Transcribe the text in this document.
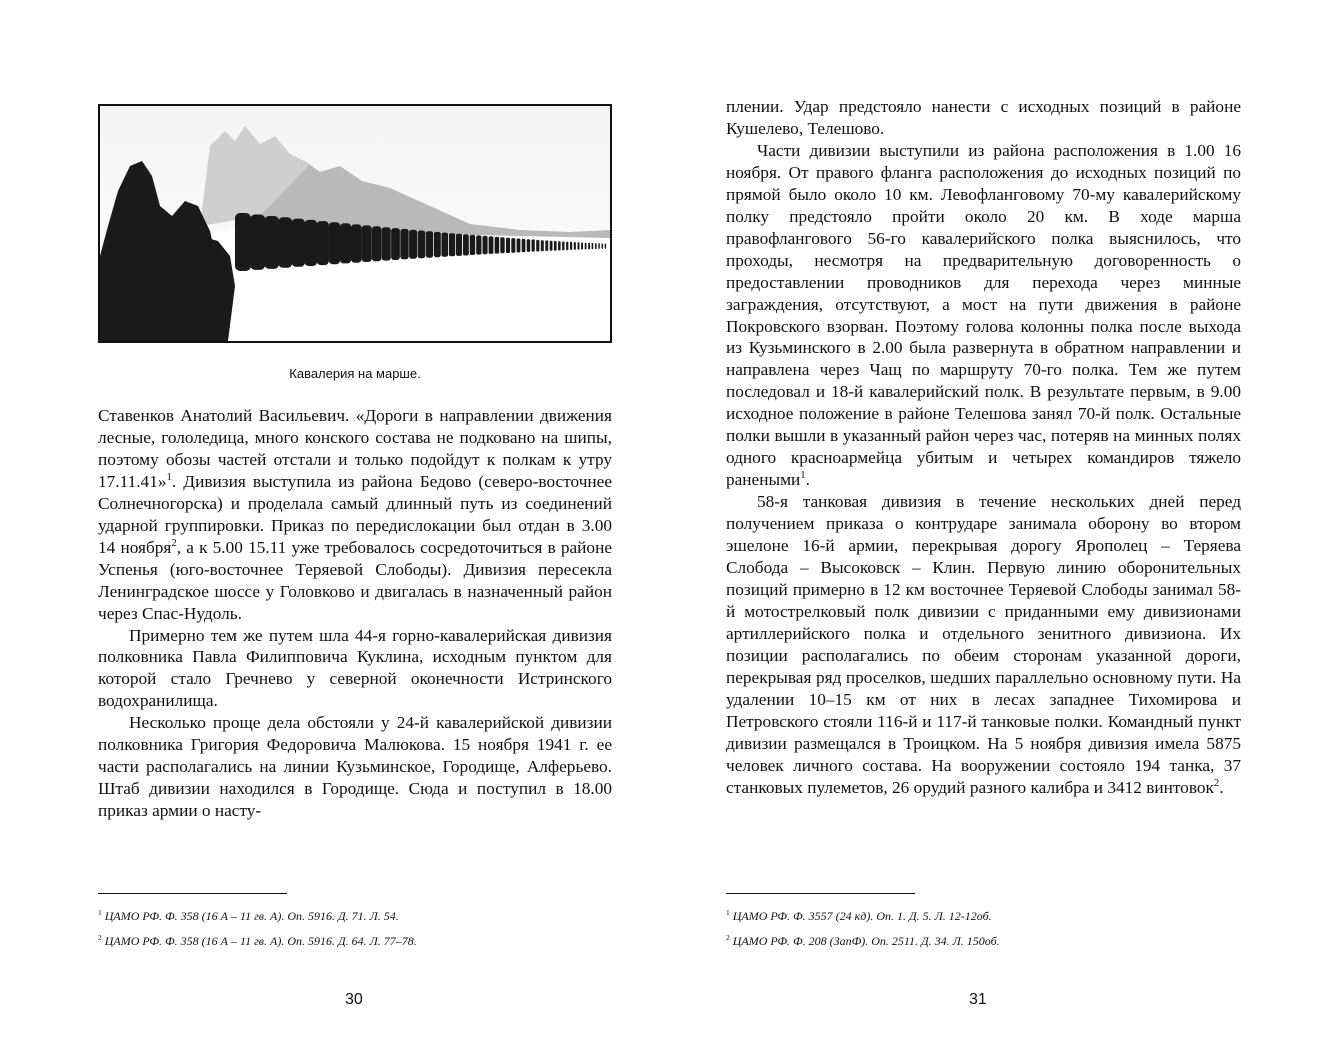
Кавалерия на марше.

Ставенков Анатолий Васильевич. «Дороги в направлении движения лесные, гололедица, много конского состава не подковано на шипы, поэтому обозы частей отстали и только подойдут к полкам к утру 17.11.41»$^1$. Дивизия выступила из района Бедово (северо-восточнее Солнечногорска) и проделала самый длинный путь из соединений ударной группировки. Приказ по передислокации был отдан в 3.00 14 ноября$^2$, а к 5.00 15.11 уже требовалось сосредоточиться в районе Успенья (юго-восточнее Теряевой Слободы). Дивизия пересекла Ленинградское шоссе у Головково и двигалась в назначенный район через Спас-Нудоль.

Примерно тем же путем шла 44-я горно-кавалерийская дивизия полковника Павла Филипповича Куклина, исходным пунктом для которой стало Гречнево у северной оконечности Истринского водохранилища.

Несколько проще дела обстояли у 24-й кавалерийской дивизии полковника Григория Федоровича Малюкова. 15 ноября 1941 г. ее части располагались на линии Кузьминское, Городище, Алферьево. Штаб дивизии находился в Городище. Сюда и поступил в 18.00 приказ армии о насту-

$^1$ ЦАМО РФ. Ф. 358 (16 А – 11 гв. А). Оп. 5916. Д. 71. Л. 54.
$^2$ ЦАМО РФ. Ф. 358 (16 А – 11 гв. А). Оп. 5916. Д. 64. Л. 77–78.
30

плении. Удар предстояло нанести с исходных позиций в районе Кушелево, Телешово.

Части дивизии выступили из района расположения в 1.00 16 ноября. От правого фланга расположения до исходных позиций по прямой было около 10 км. Левофланговому 70-му кавалерийскому полку предстояло пройти около 20 км. В ходе марша правофлангового 56-го кавалерийского полка выяснилось, что проходы, несмотря на предварительную договоренность о предоставлении проводников для перехода через минные заграждения, отсутствуют, а мост на пути движения в районе Покровского взорван. Поэтому голова колонны полка после выхода из Кузьминского в 2.00 была развернута в обратном направлении и направлена через Чащ по маршруту 70-го полка. Тем же путем последовал и 18-й кавалерийский полк. В результате первым, в 9.00 исходное положение в районе Телешова занял 70-й полк. Остальные полки вышли в указанный район через час, потеряв на минных полях одного красноармейца убитым и четырех командиров тяжело ранеными$^1$.

58-я танковая дивизия в течение нескольких дней перед получением приказа о контрударе занимала оборону во втором эшелоне 16-й армии, перекрывая дорогу Ярополец – Теряева Слобода – Высоковск – Клин. Первую линию оборонительных позиций примерно в 12 км восточнее Теряевой Слободы занимал 58-й мотострелковый полк дивизии с приданными ему дивизионами артиллерийского полка и отдельного зенитного дивизиона. Их позиции располагались по обеим сторонам указанной дороги, перекрывая ряд проселков, шедших параллельно основному пути. На удалении 10–15 км от них в лесах западнее Тихомирова и Петровского стояли 116-й и 117-й танковые полки. Командный пункт дивизии размещался в Троицком. На 5 ноября дивизия имела 5875 человек личного состава. На вооружении состояло 194 танка, 37 станковых пулеметов, 26 орудий разного калибра и 3412 винтовок$^2$.

$^1$ ЦАМО РФ. Ф. 3557 (24 кд). Оп. 1. Д. 5. Л. 12-12об.
$^2$ ЦАМО РФ. Ф. 208 (ЗапФ). Оп. 2511. Д. 34. Л. 150об.
31
